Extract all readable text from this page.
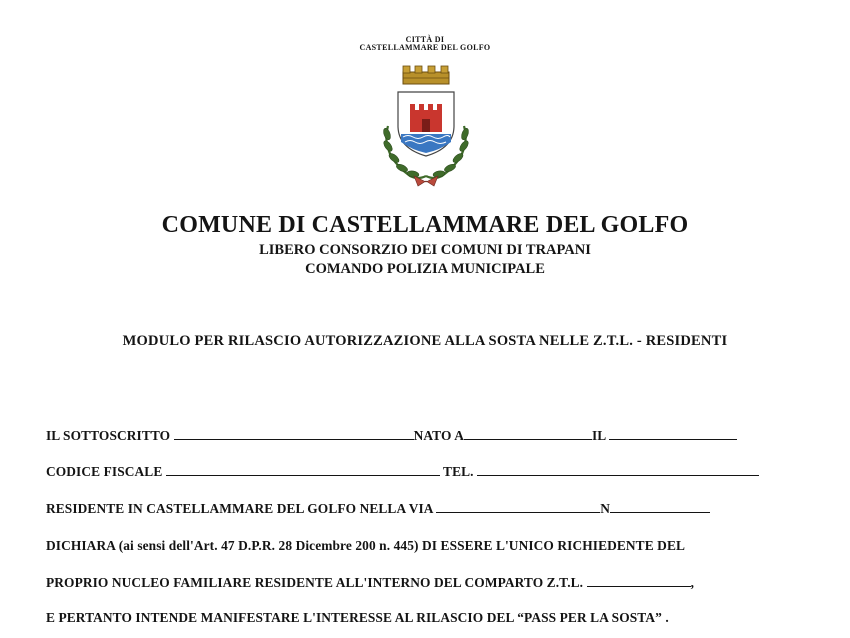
CITTÀ DI
CASTELLAMMARE DEL GOLFO
COMUNE DI CASTELLAMMARE DEL GOLFO
LIBERO CONSORZIO DEI COMUNI DI TRAPANI
COMANDO POLIZIA MUNICIPALE
MODULO PER RILASCIO AUTORIZZAZIONE ALLA SOSTA NELLE Z.T.L. - RESIDENTI
IL SOTTOSCRITTO	NATO A	IL
CODICE FISCALE	TEL.
RESIDENTE IN CASTELLAMMARE DEL GOLFO NELLA VIA	N
DICHIARA (ai sensi dell'Art. 47 D.P.R. 28 Dicembre 200 n. 445) DI ESSERE L'UNICO RICHIEDENTE DEL
PROPRIO NUCLEO FAMILIARE RESIDENTE ALL'INTERNO DEL COMPARTO Z.T.L.	,
E PERTANTO INTENDE MANIFESTARE L'INTERESSE AL RILASCIO DEL “PASS PER LA SOSTA” .
